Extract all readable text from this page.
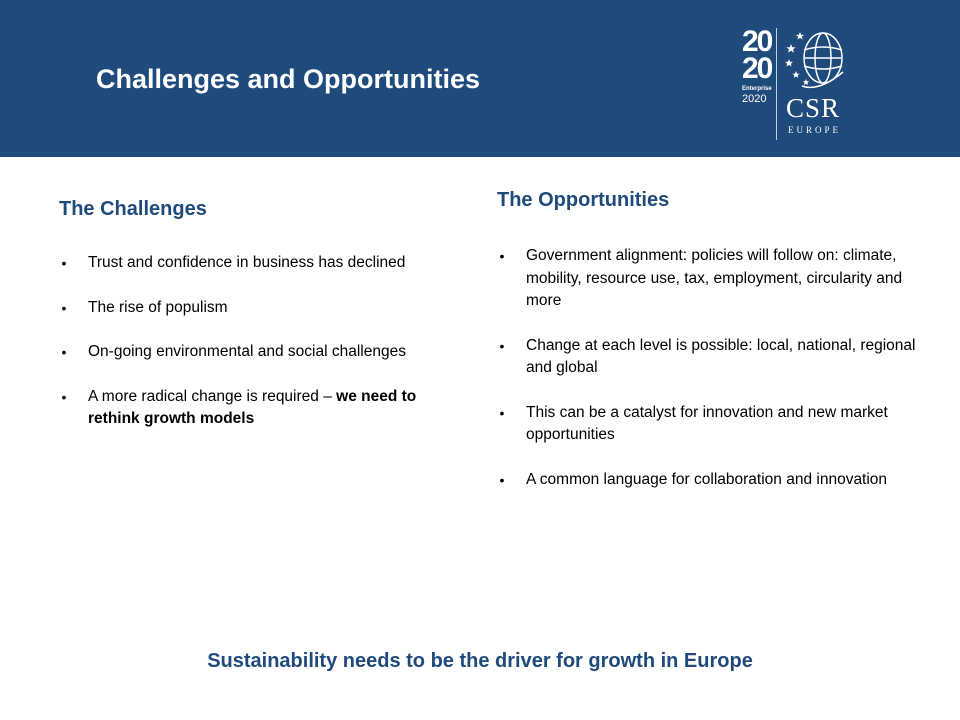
Challenges and Opportunities
20
20
Enterprise
2020 CSR
EUROPE
The Challenges
• Trust and confidence in business has declined
• The rise of populism
• On-going environmental and social challenges
• A more radical change is required – we need to rethink growth models
The Opportunities
• Government alignment: policies will follow on: climate, mobility, resource use, tax, employment, circularity and more
• Change at each level is possible: local, national, regional and global
• This can be a catalyst for innovation and new market opportunities
• A common language for collaboration and innovation

Sustainability needs to be the driver for growth in Europe
